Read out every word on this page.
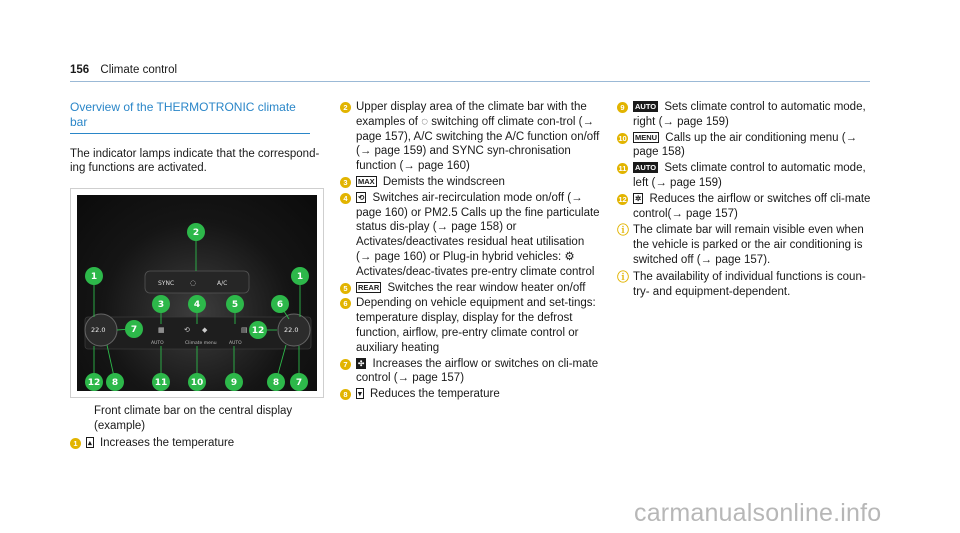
156 Climate control
Overview of the THERMOTRONIC climate bar

The indicator lamps indicate that the correspond-ing functions are activated.

SYNC ◌	A/C
22.0	22.0
▦	⟲ ◆	▤
AUTO	Climate menu	AUTO
2
1	1
3	4	5	6
7	12
12 8	11	10	9	8 7

Front climate bar on the central display (example)

1	▴ Increases the temperature
2 Upper display area of the climate bar with the examples of ◌ switching off climate con-trol (→ page 157), A/C switching the A/C function on/off (→ page 159) and SYNC syn-chronisation function (→ page 160)
3	MAX Demists the windscreen
4	⟲ Switches air-recirculation mode on/off (→ page 160) or PM2.5 Calls up the fine particulate status dis-play (→ page 158) or Activates/deactivates residual heat utilisation (→ page 160) or Plug-in hybrid vehicles: ⚙ Activates/deac-tivates pre-entry climate control
5	REAR Switches the rear window heater on/off
6 Depending on vehicle equipment and set-tings: temperature display, display for the defrost function, airflow, pre-entry climate control or auxiliary heating
7	✣ Increases the airflow or switches on cli-mate control (→ page 157)
8	▾ Reduces the temperature
9	AUTO Sets climate control to automatic mode, right (→ page 159)
10 MENU Calls up the air conditioning menu (→ page 158)
11 AUTO Sets climate control to automatic mode, left (→ page 159)
12 ✲ Reduces the airflow or switches off cli-mate control(→ page 157)
ⓘ The climate bar will remain visible even when the vehicle is parked or the air conditioning is switched off (→ page 157).
ⓘ The availability of individual functions is coun-try- and equipment-dependent.
carmanualsonline.info
